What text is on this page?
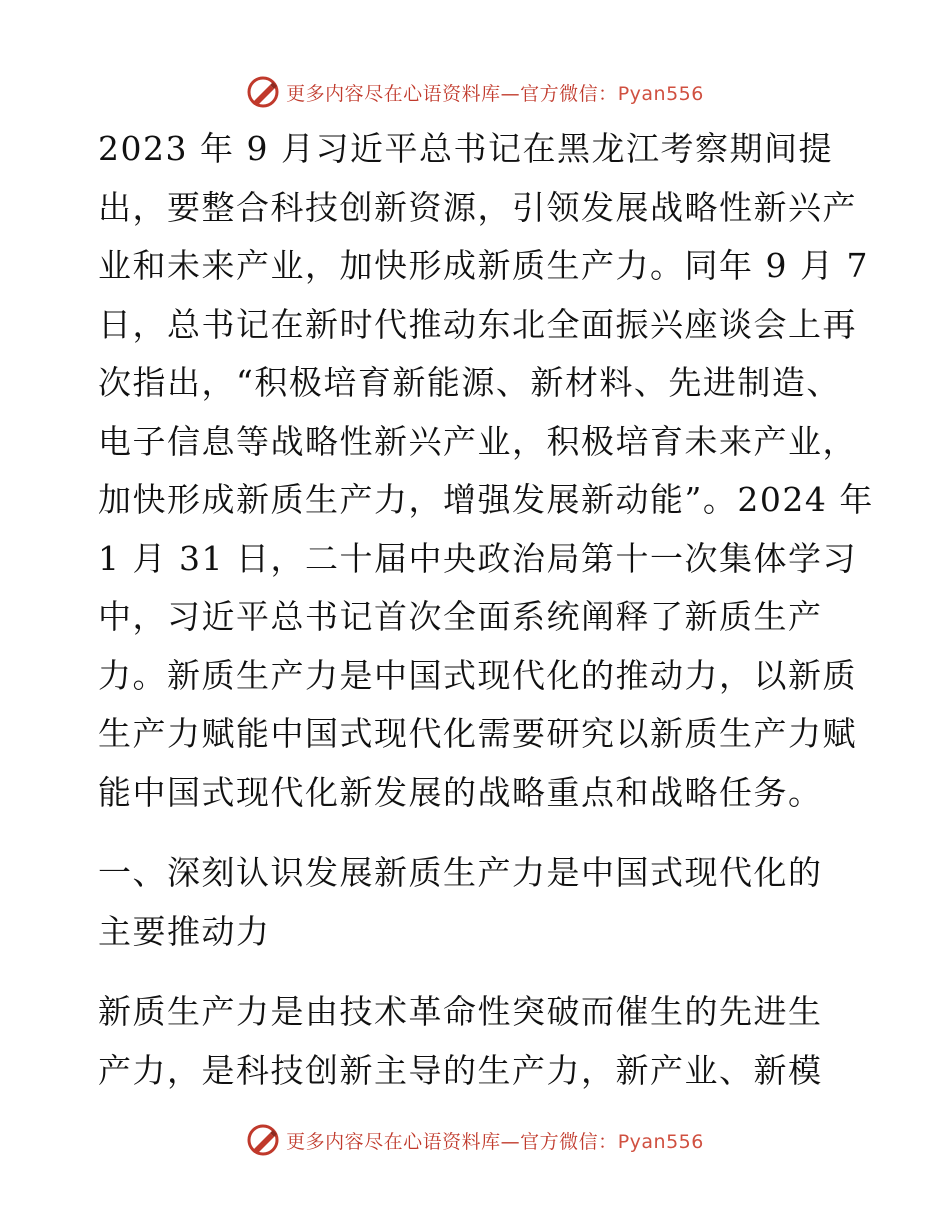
更多内容尽在心语资料库—官方微信：Pyan556
2023 年 9 月习近平总书记在黑龙江考察期间提
出，要整合科技创新资源，引领发展战略性新兴产
业和未来产业，加快形成新质生产力。同年 9 月 7
日，总书记在新时代推动东北全面振兴座谈会上再
次指出，“积极培育新能源、新材料、先进制造、
电子信息等战略性新兴产业，积极培育未来产业，
加快形成新质生产力，增强发展新动能”。2024 年
1 月 31 日，二十届中央政治局第十一次集体学习
中，习近平总书记首次全面系统阐释了新质生产
力。新质生产力是中国式现代化的推动力，以新质
生产力赋能中国式现代化需要研究以新质生产力赋
能中国式现代化新发展的战略重点和战略任务。
一、深刻认识发展新质生产力是中国式现代化的
主要推动力
新质生产力是由技术革命性突破而催生的先进生
产力，是科技创新主导的生产力，新产业、新模
更多内容尽在心语资料库—官方微信：Pyan556
